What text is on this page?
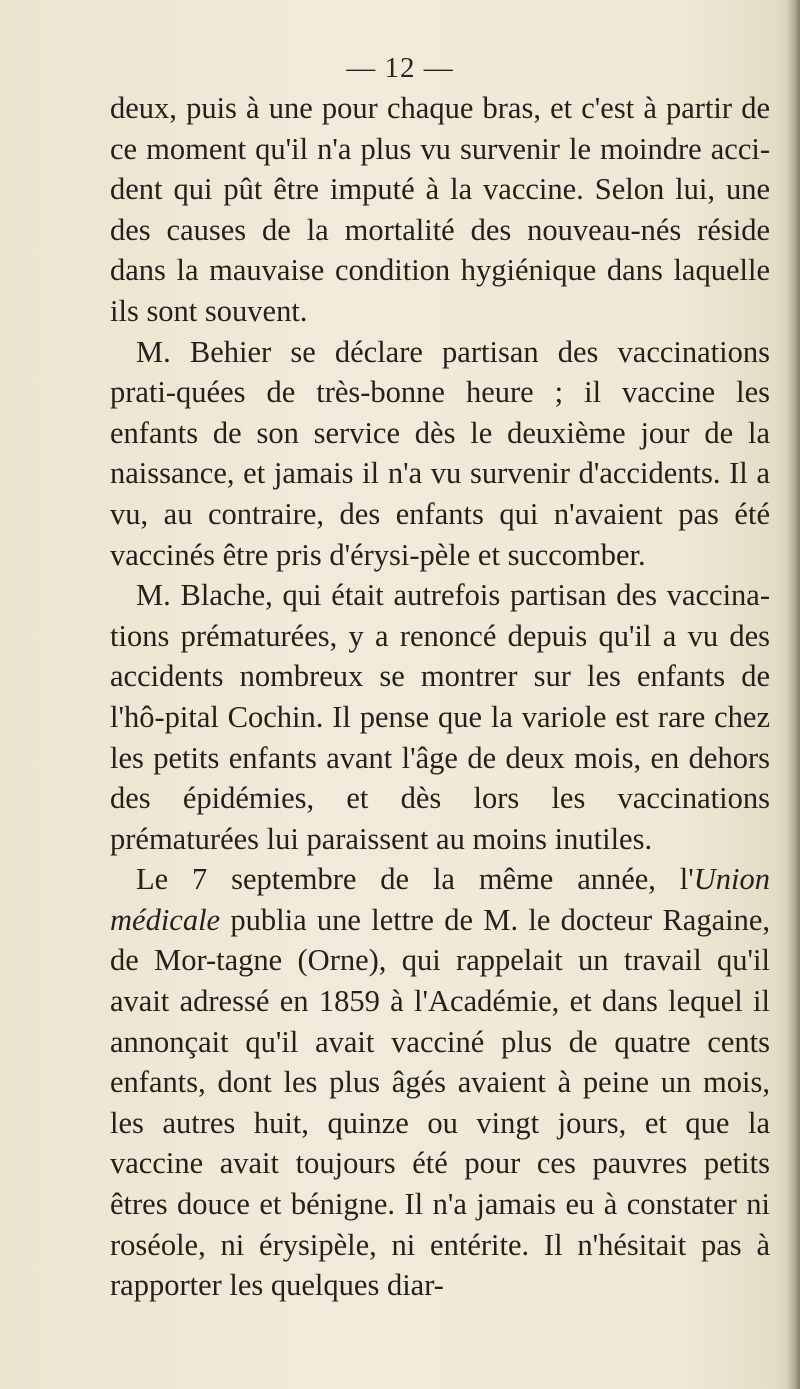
— 12 —

deux, puis à une pour chaque bras, et c'est à partir de ce moment qu'il n'a plus vu survenir le moindre acci-dent qui pût être imputé à la vaccine. Selon lui, une des causes de la mortalité des nouveau-nés réside dans la mauvaise condition hygiénique dans laquelle ils sont souvent.

M. Behier se déclare partisan des vaccinations prati-quées de très-bonne heure ; il vaccine les enfants de son service dès le deuxième jour de la naissance, et jamais il n'a vu survenir d'accidents. Il a vu, au contraire, des enfants qui n'avaient pas été vaccinés être pris d'érysi-pèle et succomber.

M. Blache, qui était autrefois partisan des vaccina-tions prématurées, y a renoncé depuis qu'il a vu des accidents nombreux se montrer sur les enfants de l'hô-pital Cochin. Il pense que la variole est rare chez les petits enfants avant l'âge de deux mois, en dehors des épidémies, et dès lors les vaccinations prématurées lui paraissent au moins inutiles.

Le 7 septembre de la même année, l'Union médicale publia une lettre de M. le docteur Ragaine, de Mor-tagne (Orne), qui rappelait un travail qu'il avait adressé en 1859 à l'Académie, et dans lequel il annonçait qu'il avait vacciné plus de quatre cents enfants, dont les plus âgés avaient à peine un mois, les autres huit, quinze ou vingt jours, et que la vaccine avait toujours été pour ces pauvres petits êtres douce et bénigne. Il n'a jamais eu à constater ni roséole, ni érysipèle, ni entérite. Il n'hésitait pas à rapporter les quelques diar-
